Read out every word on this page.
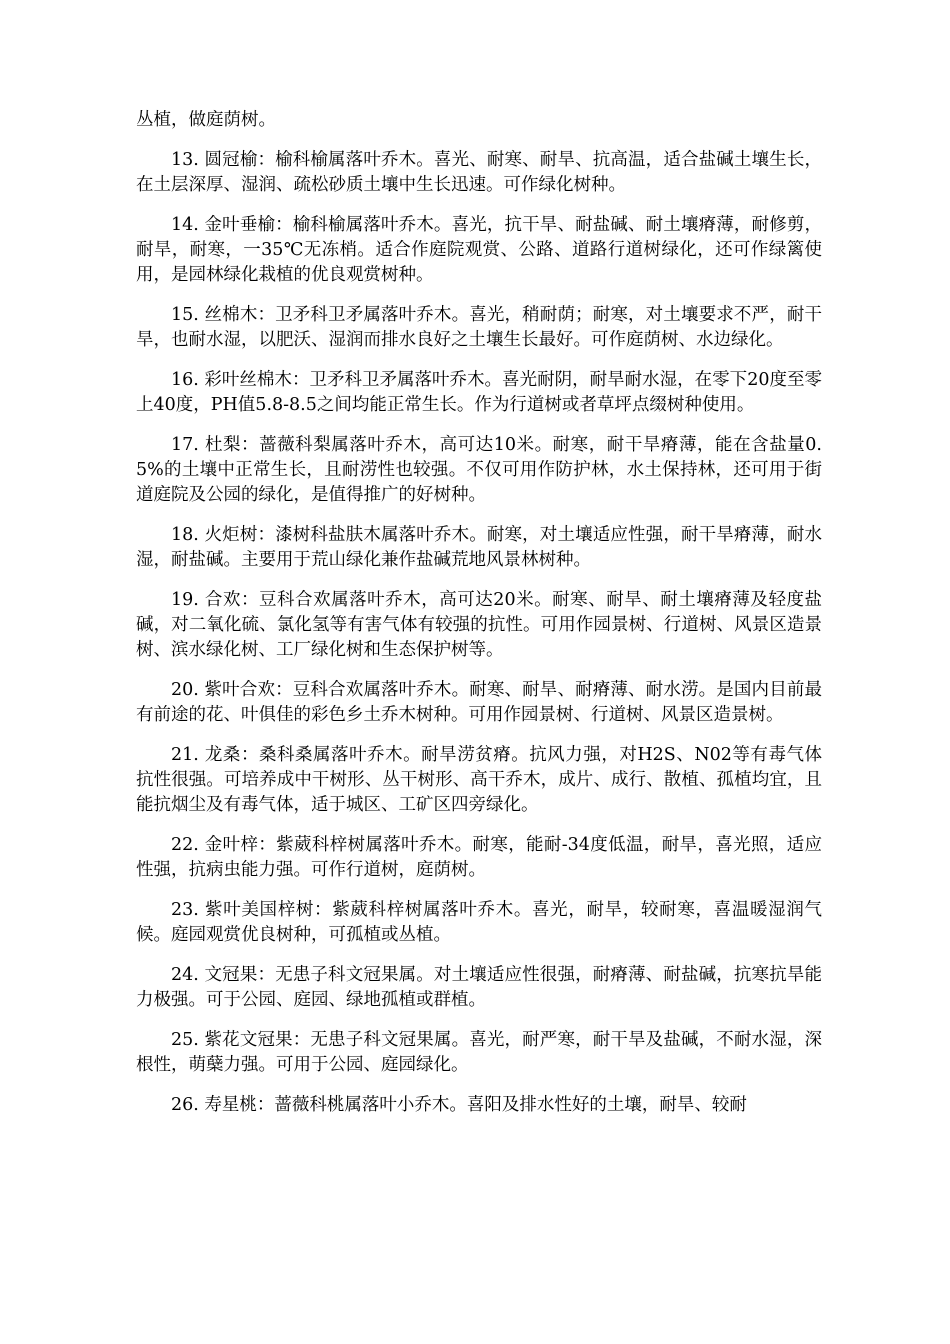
丛植，做庭荫树。

13. 圆冠榆：榆科榆属落叶乔木。喜光、耐寒、耐旱、抗高温，适合盐碱土壤生长，在土层深厚、湿润、疏松砂质土壤中生长迅速。可作绿化树种。

14. 金叶垂榆：榆科榆属落叶乔木。喜光，抗干旱、耐盐碱、耐土壤瘠薄，耐修剪，耐旱，耐寒，一35℃无冻梢。适合作庭院观赏、公路、道路行道树绿化，还可作绿篱使用，是园林绿化栽植的优良观赏树种。

15. 丝棉木：卫矛科卫矛属落叶乔木。喜光，稍耐荫；耐寒，对土壤要求不严，耐干旱，也耐水湿，以肥沃、湿润而排水良好之土壤生长最好。可作庭荫树、水边绿化。

16. 彩叶丝棉木：卫矛科卫矛属落叶乔木。喜光耐阴，耐旱耐水湿，在零下20度至零上40度，PH值5.8-8.5之间均能正常生长。作为行道树或者草坪点缀树种使用。

17. 杜梨：蔷薇科梨属落叶乔木，高可达10米。耐寒，耐干旱瘠薄，能在含盐量0.5%的土壤中正常生长，且耐涝性也较强。不仅可用作防护林，水土保持林，还可用于街道庭院及公园的绿化，是值得推广的好树种。

18. 火炬树：漆树科盐肤木属落叶乔木。耐寒，对土壤适应性强，耐干旱瘠薄，耐水湿，耐盐碱。主要用于荒山绿化兼作盐碱荒地风景林树种。

19. 合欢：豆科合欢属落叶乔木，高可达20米。耐寒、耐旱、耐土壤瘠薄及轻度盐碱，对二氧化硫、氯化氢等有害气体有较强的抗性。可用作园景树、行道树、风景区造景树、滨水绿化树、工厂绿化树和生态保护树等。

20. 紫叶合欢：豆科合欢属落叶乔木。耐寒、耐旱、耐瘠薄、耐水涝。是国内目前最有前途的花、叶俱佳的彩色乡土乔木树种。可用作园景树、行道树、风景区造景树。

21. 龙桑：桑科桑属落叶乔木。耐旱涝贫瘠。抗风力强，对H2S、N02等有毒气体抗性很强。可培养成中干树形、丛干树形、高干乔木，成片、成行、散植、孤植均宜，且能抗烟尘及有毒气体，适于城区、工矿区四旁绿化。

22. 金叶梓：紫葳科梓树属落叶乔木。耐寒，能耐-34度低温，耐旱，喜光照，适应性强，抗病虫能力强。可作行道树，庭荫树。

23. 紫叶美国梓树：紫葳科梓树属落叶乔木。喜光，耐旱，较耐寒，喜温暖湿润气候。庭园观赏优良树种，可孤植或丛植。

24. 文冠果：无患子科文冠果属。对土壤适应性很强，耐瘠薄、耐盐碱，抗寒抗旱能力极强。可于公园、庭园、绿地孤植或群植。

25. 紫花文冠果：无患子科文冠果属。喜光，耐严寒，耐干旱及盐碱，不耐水湿，深根性，萌蘖力强。可用于公园、庭园绿化。

26. 寿星桃：蔷薇科桃属落叶小乔木。喜阳及排水性好的土壤，耐旱、较耐
